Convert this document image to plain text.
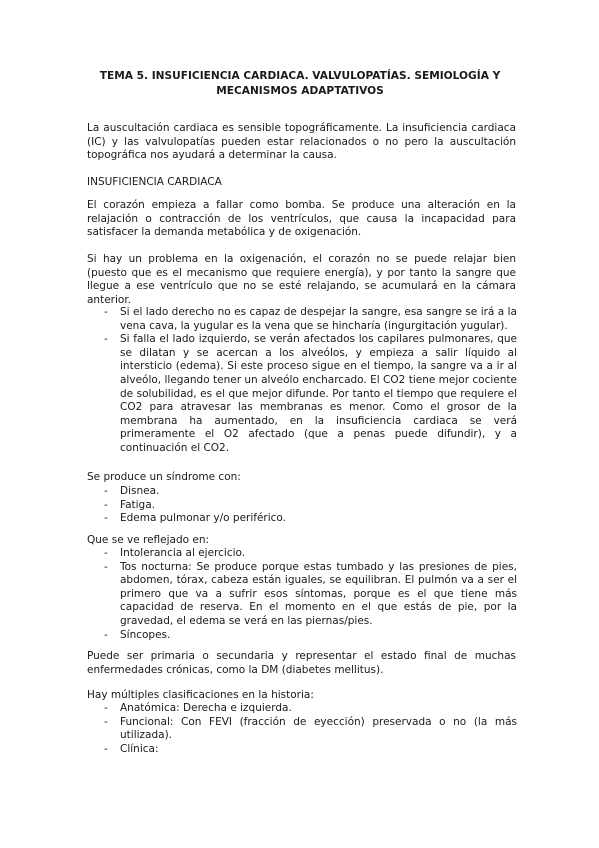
TEMA 5. INSUFICIENCIA CARDIACA. VALVULOPATÍAS. SEMIOLOGÍA Y MECANISMOS ADAPTATIVOS
La auscultación cardiaca es sensible topográficamente. La insuficiencia cardiaca (IC) y las valvulopatías pueden estar relacionados o no pero la auscultación topográfica nos ayudará a determinar la causa.
INSUFICIENCIA CARDIACA
El corazón empieza a fallar como bomba. Se produce una alteración en la relajación o contracción de los ventrículos, que causa la incapacidad para satisfacer la demanda metabólica y de oxigenación.
Si hay un problema en la oxigenación, el corazón no se puede relajar bien (puesto que es el mecanismo que requiere energía), y por tanto la sangre que llegue a ese ventrículo que no se esté relajando, se acumulará en la cámara anterior.
- Si el lado derecho no es capaz de despejar la sangre, esa sangre se irá a la vena cava, la yugular es la vena que se hincharía (ingurgitación yugular).
- Si falla el lado izquierdo, se verán afectados los capilares pulmonares, que se dilatan y se acercan a los alveólos, y empieza a salir líquido al intersticio (edema). Si este proceso sigue en el tiempo, la sangre va a ir al alveólo, llegando tener un alveólo encharcado. El CO2 tiene mejor cociente de solubilidad, es el que mejor difunde. Por tanto el tiempo que requiere el CO2 para atravesar las membranas es menor. Como el grosor de la membrana ha aumentado, en la insuficiencia cardiaca se verá primeramente el O2 afectado (que a penas puede difundir), y a continuación el CO2.
Se produce un síndrome con:
- Disnea.
- Fatiga.
- Edema pulmonar y/o periférico.
Que se ve reflejado en:
- Intolerancia al ejercicio.
- Tos nocturna: Se produce porque estas tumbado y las presiones de pies, abdomen, tórax, cabeza están iguales, se equilibran. El pulmón va a ser el primero que va a sufrir esos síntomas, porque es el que tiene más capacidad de reserva. En el momento en el que estás de pie, por la gravedad, el edema se verá en las piernas/pies.
- Síncopes.
Puede ser primaria o secundaria y representar el estado final de muchas enfermedades crónicas, como la DM (diabetes mellitus).
Hay múltiples clasificaciones en la historia:
- Anatómica: Derecha e izquierda.
- Funcional: Con FEVI (fracción de eyección) preservada o no (la más utilizada).
- Clínica:
